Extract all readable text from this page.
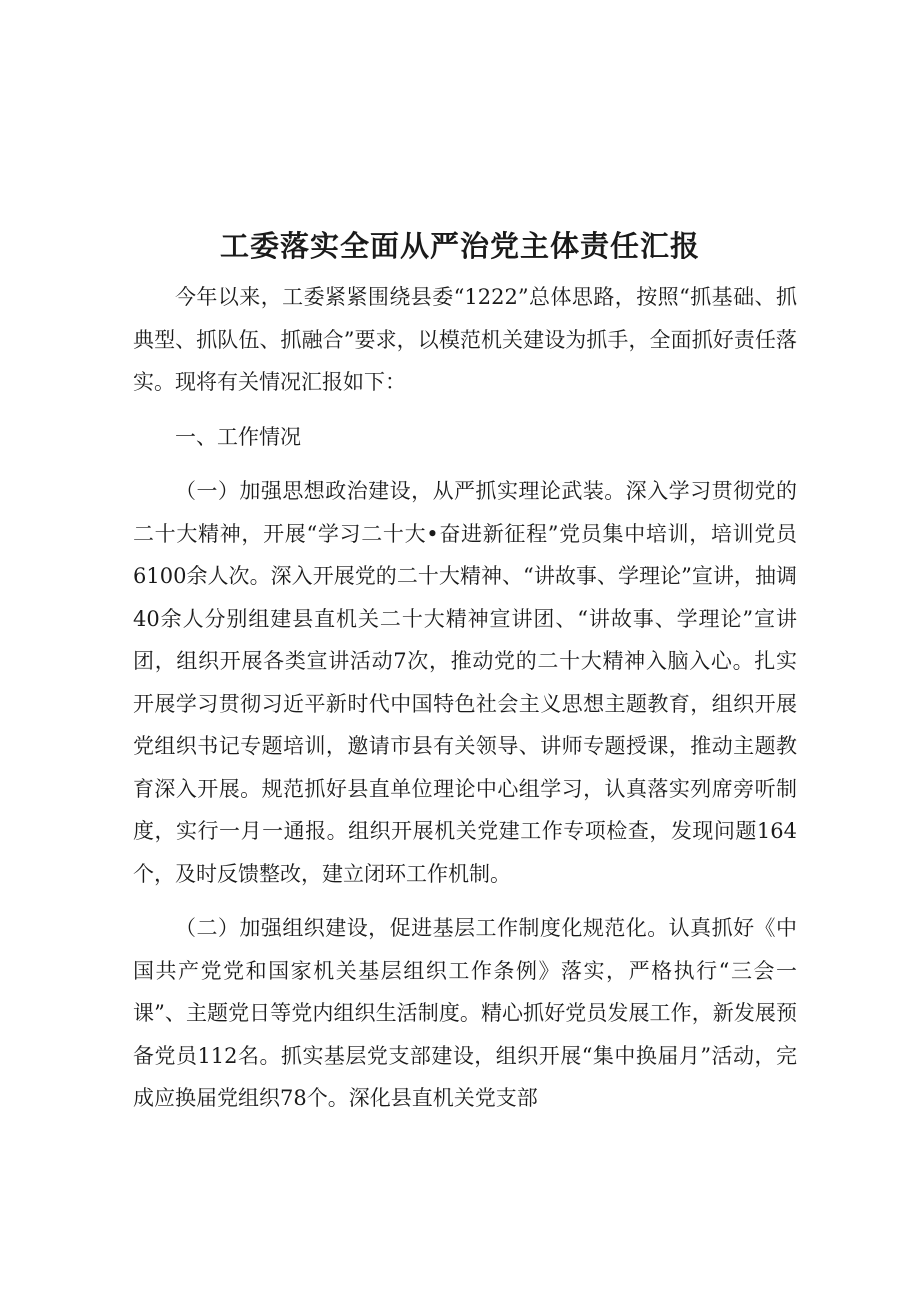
工委落实全面从严治党主体责任汇报

今年以来，工委紧紧围绕县委“1222”总体思路，按照“抓基础、抓典型、抓队伍、抓融合”要求，以模范机关建设为抓手，全面抓好责任落实。现将有关情况汇报如下：

一、工作情况

（一）加强思想政治建设，从严抓实理论武装。深入学习贯彻党的二十大精神，开展“学习二十大•奋进新征程”党员集中培训，培训党员6100余人次。深入开展党的二十大精神、“讲故事、学理论”宣讲，抽调40余人分别组建县直机关二十大精神宣讲团、“讲故事、学理论”宣讲团，组织开展各类宣讲活动7次，推动党的二十大精神入脑入心。扎实开展学习贯彻习近平新时代中国特色社会主义思想主题教育，组织开展党组织书记专题培训，邀请市县有关领导、讲师专题授课，推动主题教育深入开展。规范抓好县直单位理论中心组学习，认真落实列席旁听制度，实行一月一通报。组织开展机关党建工作专项检查，发现问题164个，及时反馈整改，建立闭环工作机制。

（二）加强组织建设，促进基层工作制度化规范化。认真抓好《中国共产党党和国家机关基层组织工作条例》落实，严格执行“三会一课”、主题党日等党内组织生活制度。精心抓好党员发展工作，新发展预备党员112名。抓实基层党支部建设，组织开展“集中换届月”活动，完成应换届党组织78个。深化县直机关党支部
